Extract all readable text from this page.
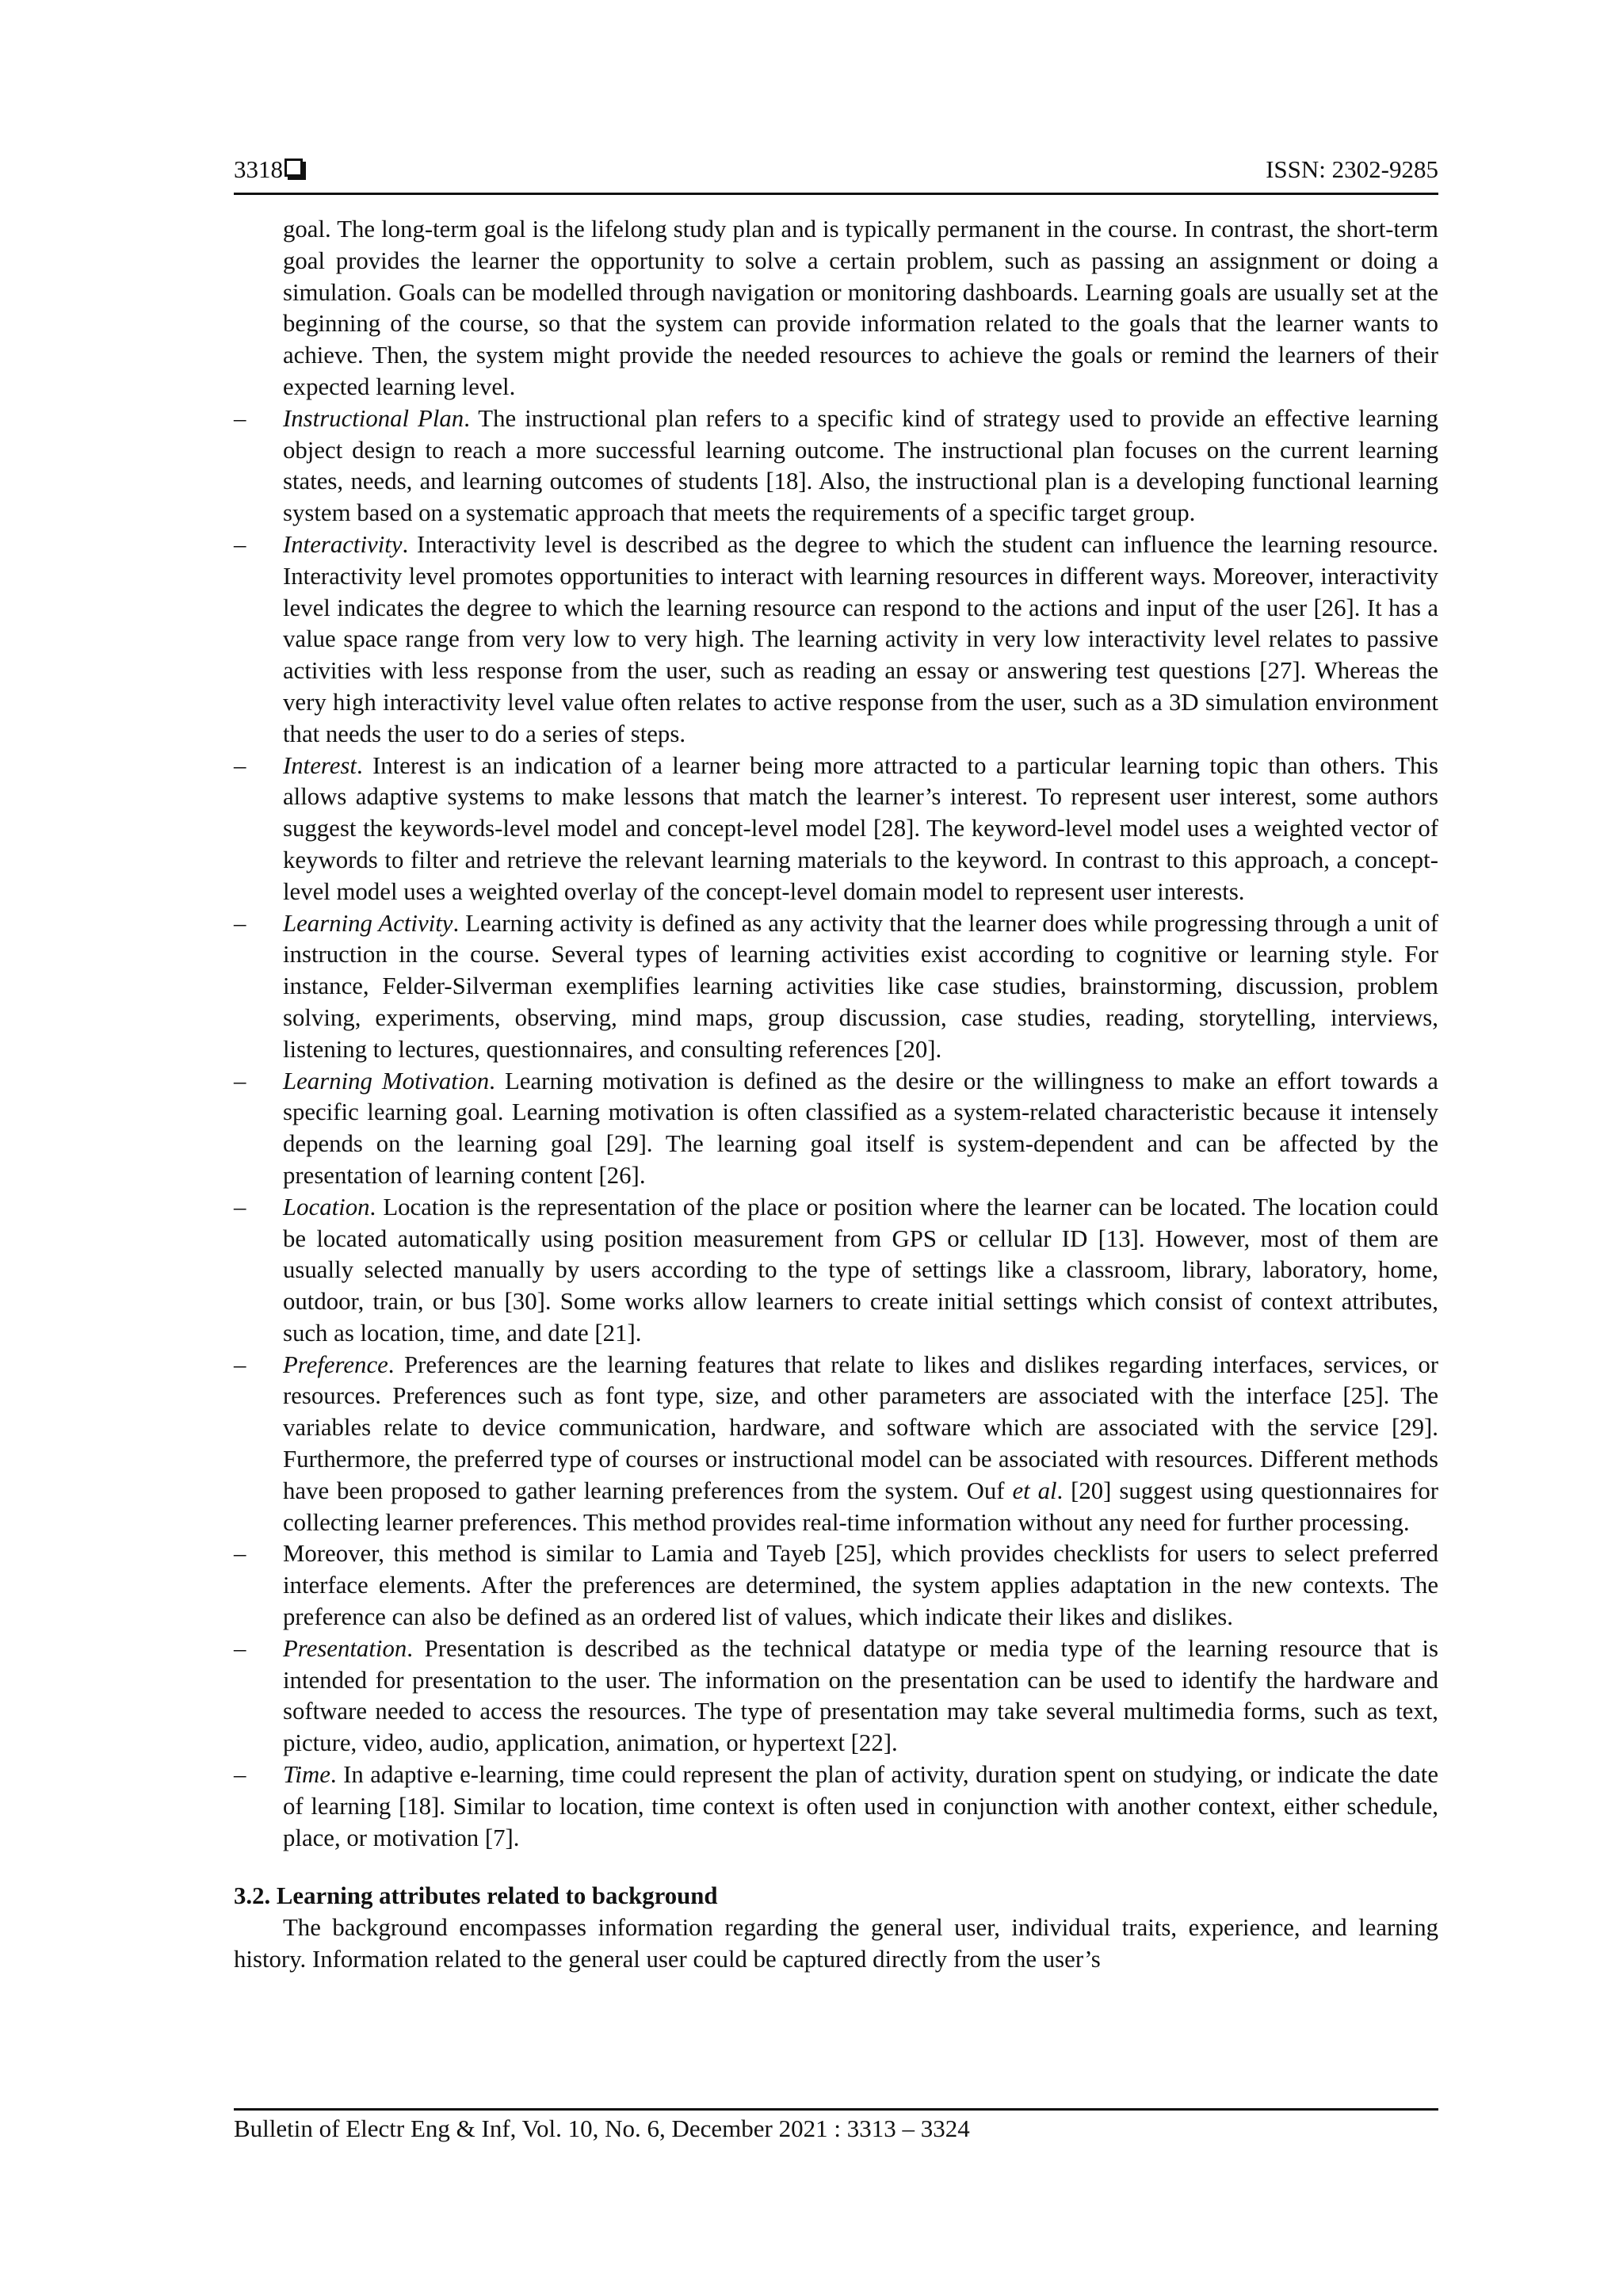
3318	ISSN: 2302-9285

goal. The long-term goal is the lifelong study plan and is typically permanent in the course. In contrast, the short-term goal provides the learner the opportunity to solve a certain problem, such as passing an assignment or doing a simulation. Goals can be modelled through navigation or monitoring dashboards. Learning goals are usually set at the beginning of the course, so that the system can provide information related to the goals that the learner wants to achieve. Then, the system might provide the needed resources to achieve the goals or remind the learners of their expected learning level.

– Instructional Plan. The instructional plan refers to a specific kind of strategy used to provide an effective learning object design to reach a more successful learning outcome. The instructional plan focuses on the current learning states, needs, and learning outcomes of students [18]. Also, the instructional plan is a developing functional learning system based on a systematic approach that meets the requirements of a specific target group.
– Interactivity. Interactivity level is described as the degree to which the student can influence the learning resource. Interactivity level promotes opportunities to interact with learning resources in different ways. Moreover, interactivity level indicates the degree to which the learning resource can respond to the actions and input of the user [26]. It has a value space range from very low to very high. The learning activity in very low interactivity level relates to passive activities with less response from the user, such as reading an essay or answering test questions [27]. Whereas the very high interactivity level value often relates to active response from the user, such as a 3D simulation environment that needs the user to do a series of steps.
– Interest. Interest is an indication of a learner being more attracted to a particular learning topic than others. This allows adaptive systems to make lessons that match the learner’s interest. To represent user interest, some authors suggest the keywords-level model and concept-level model [28]. The keyword-level model uses a weighted vector of keywords to filter and retrieve the relevant learning materials to the keyword. In contrast to this approach, a concept-level model uses a weighted overlay of the concept-level domain model to represent user interests.
– Learning Activity. Learning activity is defined as any activity that the learner does while progressing through a unit of instruction in the course. Several types of learning activities exist according to cognitive or learning style. For instance, Felder-Silverman exemplifies learning activities like case studies, brainstorming, discussion, problem solving, experiments, observing, mind maps, group discussion, case studies, reading, storytelling, interviews, listening to lectures, questionnaires, and consulting references [20].
– Learning Motivation. Learning motivation is defined as the desire or the willingness to make an effort towards a specific learning goal. Learning motivation is often classified as a system-related characteristic because it intensely depends on the learning goal [29]. The learning goal itself is system-dependent and can be affected by the presentation of learning content [26].
– Location. Location is the representation of the place or position where the learner can be located. The location could be located automatically using position measurement from GPS or cellular ID [13]. However, most of them are usually selected manually by users according to the type of settings like a classroom, library, laboratory, home, outdoor, train, or bus [30]. Some works allow learners to create initial settings which consist of context attributes, such as location, time, and date [21].
– Preference. Preferences are the learning features that relate to likes and dislikes regarding interfaces, services, or resources. Preferences such as font type, size, and other parameters are associated with the interface [25]. The variables relate to device communication, hardware, and software which are associated with the service [29]. Furthermore, the preferred type of courses or instructional model can be associated with resources. Different methods have been proposed to gather learning preferences from the system. Ouf et al. [20] suggest using questionnaires for collecting learner preferences. This method provides real-time information without any need for further processing.
– Moreover, this method is similar to Lamia and Tayeb [25], which provides checklists for users to select preferred interface elements. After the preferences are determined, the system applies adaptation in the new contexts. The preference can also be defined as an ordered list of values, which indicate their likes and dislikes.
– Presentation. Presentation is described as the technical datatype or media type of the learning resource that is intended for presentation to the user. The information on the presentation can be used to identify the hardware and software needed to access the resources. The type of presentation may take several multimedia forms, such as text, picture, video, audio, application, animation, or hypertext [22].
– Time. In adaptive e-learning, time could represent the plan of activity, duration spent on studying, or indicate the date of learning [18]. Similar to location, time context is often used in conjunction with another context, either schedule, place, or motivation [7].

3.2. Learning attributes related to background

The background encompasses information regarding the general user, individual traits, experience, and learning history. Information related to the general user could be captured directly from the user’s

Bulletin of Electr Eng & Inf, Vol. 10, No. 6, December 2021 : 3313 – 3324
